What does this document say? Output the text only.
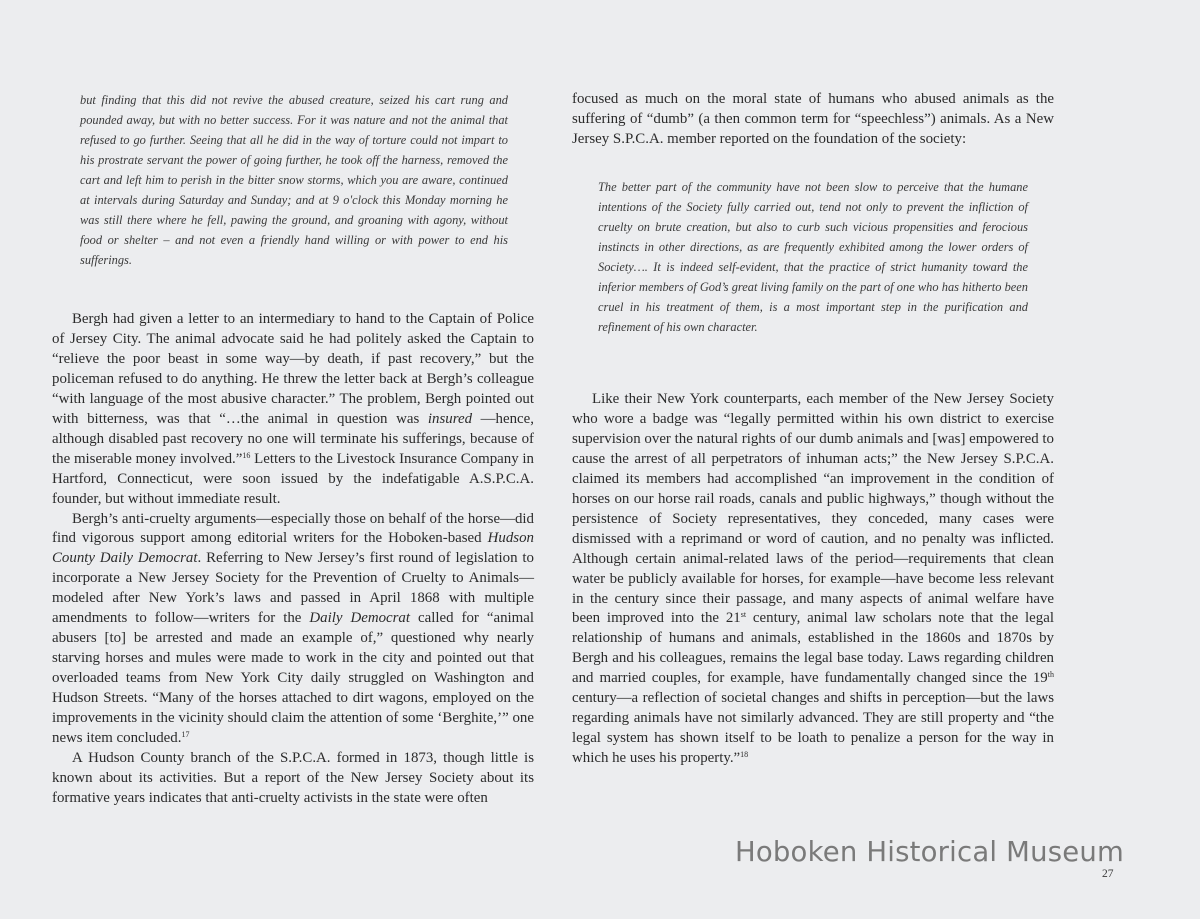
but finding that this did not revive the abused creature, seized his cart rung and pounded away, but with no better success. For it was nature and not the animal that refused to go further. Seeing that all he did in the way of torture could not impart to his prostrate servant the power of going further, he took off the harness, removed the cart and left him to perish in the bitter snow storms, which you are aware, continued at intervals during Saturday and Sunday; and at 9 o'clock this Monday morning he was still there where he fell, pawing the ground, and groaning with agony, without food or shelter – and not even a friendly hand willing or with power to end his sufferings.

Bergh had given a letter to an intermediary to hand to the Captain of Police of Jersey City. The animal advocate said he had politely asked the Captain to “relieve the poor beast in some way—by death, if past recovery,” but the policeman refused to do anything. He threw the letter back at Bergh’s colleague “with language of the most abusive character.” The problem, Bergh pointed out with bitterness, was that “…the animal in question was insured —hence, although disabled past recovery no one will terminate his sufferings, because of the miserable money involved.”$^{16}$ Letters to the Livestock Insurance Company in Hartford, Connecticut, were soon issued by the indefatigable A.S.P.C.A. founder, but without immediate result.

Bergh’s anti-cruelty arguments—especially those on behalf of the horse—did find vigorous support among editorial writers for the Hoboken-based Hudson County Daily Democrat. Referring to New Jersey’s first round of legislation to incorporate a New Jersey Society for the Prevention of Cruelty to Animals—modeled after New York’s laws and passed in April 1868 with multiple amendments to follow—writers for the Daily Democrat called for “animal abusers [to] be arrested and made an example of,” questioned why nearly starving horses and mules were made to work in the city and pointed out that overloaded teams from New York City daily struggled on Washington and Hudson Streets. “Many of the horses attached to dirt wagons, employed on the improvements in the vicinity should claim the attention of some ‘Berghite,’” one news item concluded.$^{17}$

A Hudson County branch of the S.P.C.A. formed in 1873, though little is known about its activities. But a report of the New Jersey Society about its formative years indicates that anti-cruelty activists in the state were often

focused as much on the moral state of humans who abused animals as the suffering of “dumb” (a then common term for “speechless”) animals. As a New Jersey S.P.C.A. member reported on the foundation of the society:

The better part of the community have not been slow to perceive that the humane intentions of the Society fully carried out, tend not only to prevent the infliction of cruelty on brute creation, but also to curb such vicious propensities and ferocious instincts in other directions, as are frequently exhibited among the lower orders of Society…. It is indeed self-evident, that the practice of strict humanity toward the inferior members of God’s great living family on the part of one who has hitherto been cruel in his treatment of them, is a most important step in the purification and refinement of his own character.

Like their New York counterparts, each member of the New Jersey Society who wore a badge was “legally permitted within his own district to exercise supervision over the natural rights of our dumb animals and [was] empowered to cause the arrest of all perpetrators of inhuman acts;” the New Jersey S.P.C.A. claimed its members had accomplished “an improvement in the condition of horses on our horse rail roads, canals and public highways,” though without the persistence of Society representatives, they conceded, many cases were dismissed with a reprimand or word of caution, and no penalty was inflicted. Although certain animal-related laws of the period—requirements that clean water be publicly available for horses, for example—have become less relevant in the century since their passage, and many aspects of animal welfare have been improved into the 21st century, animal law scholars note that the legal relationship of humans and animals, established in the 1860s and 1870s by Bergh and his colleagues, remains the legal base today. Laws regarding children and married couples, for example, have fundamentally changed since the 19th century—a reflection of societal changes and shifts in perception—but the laws regarding animals have not similarly advanced. They are still property and “the legal system has shown itself to be loath to penalize a person for the way in which he uses his property.”$^{18}$

Hoboken Historical Museum
27
